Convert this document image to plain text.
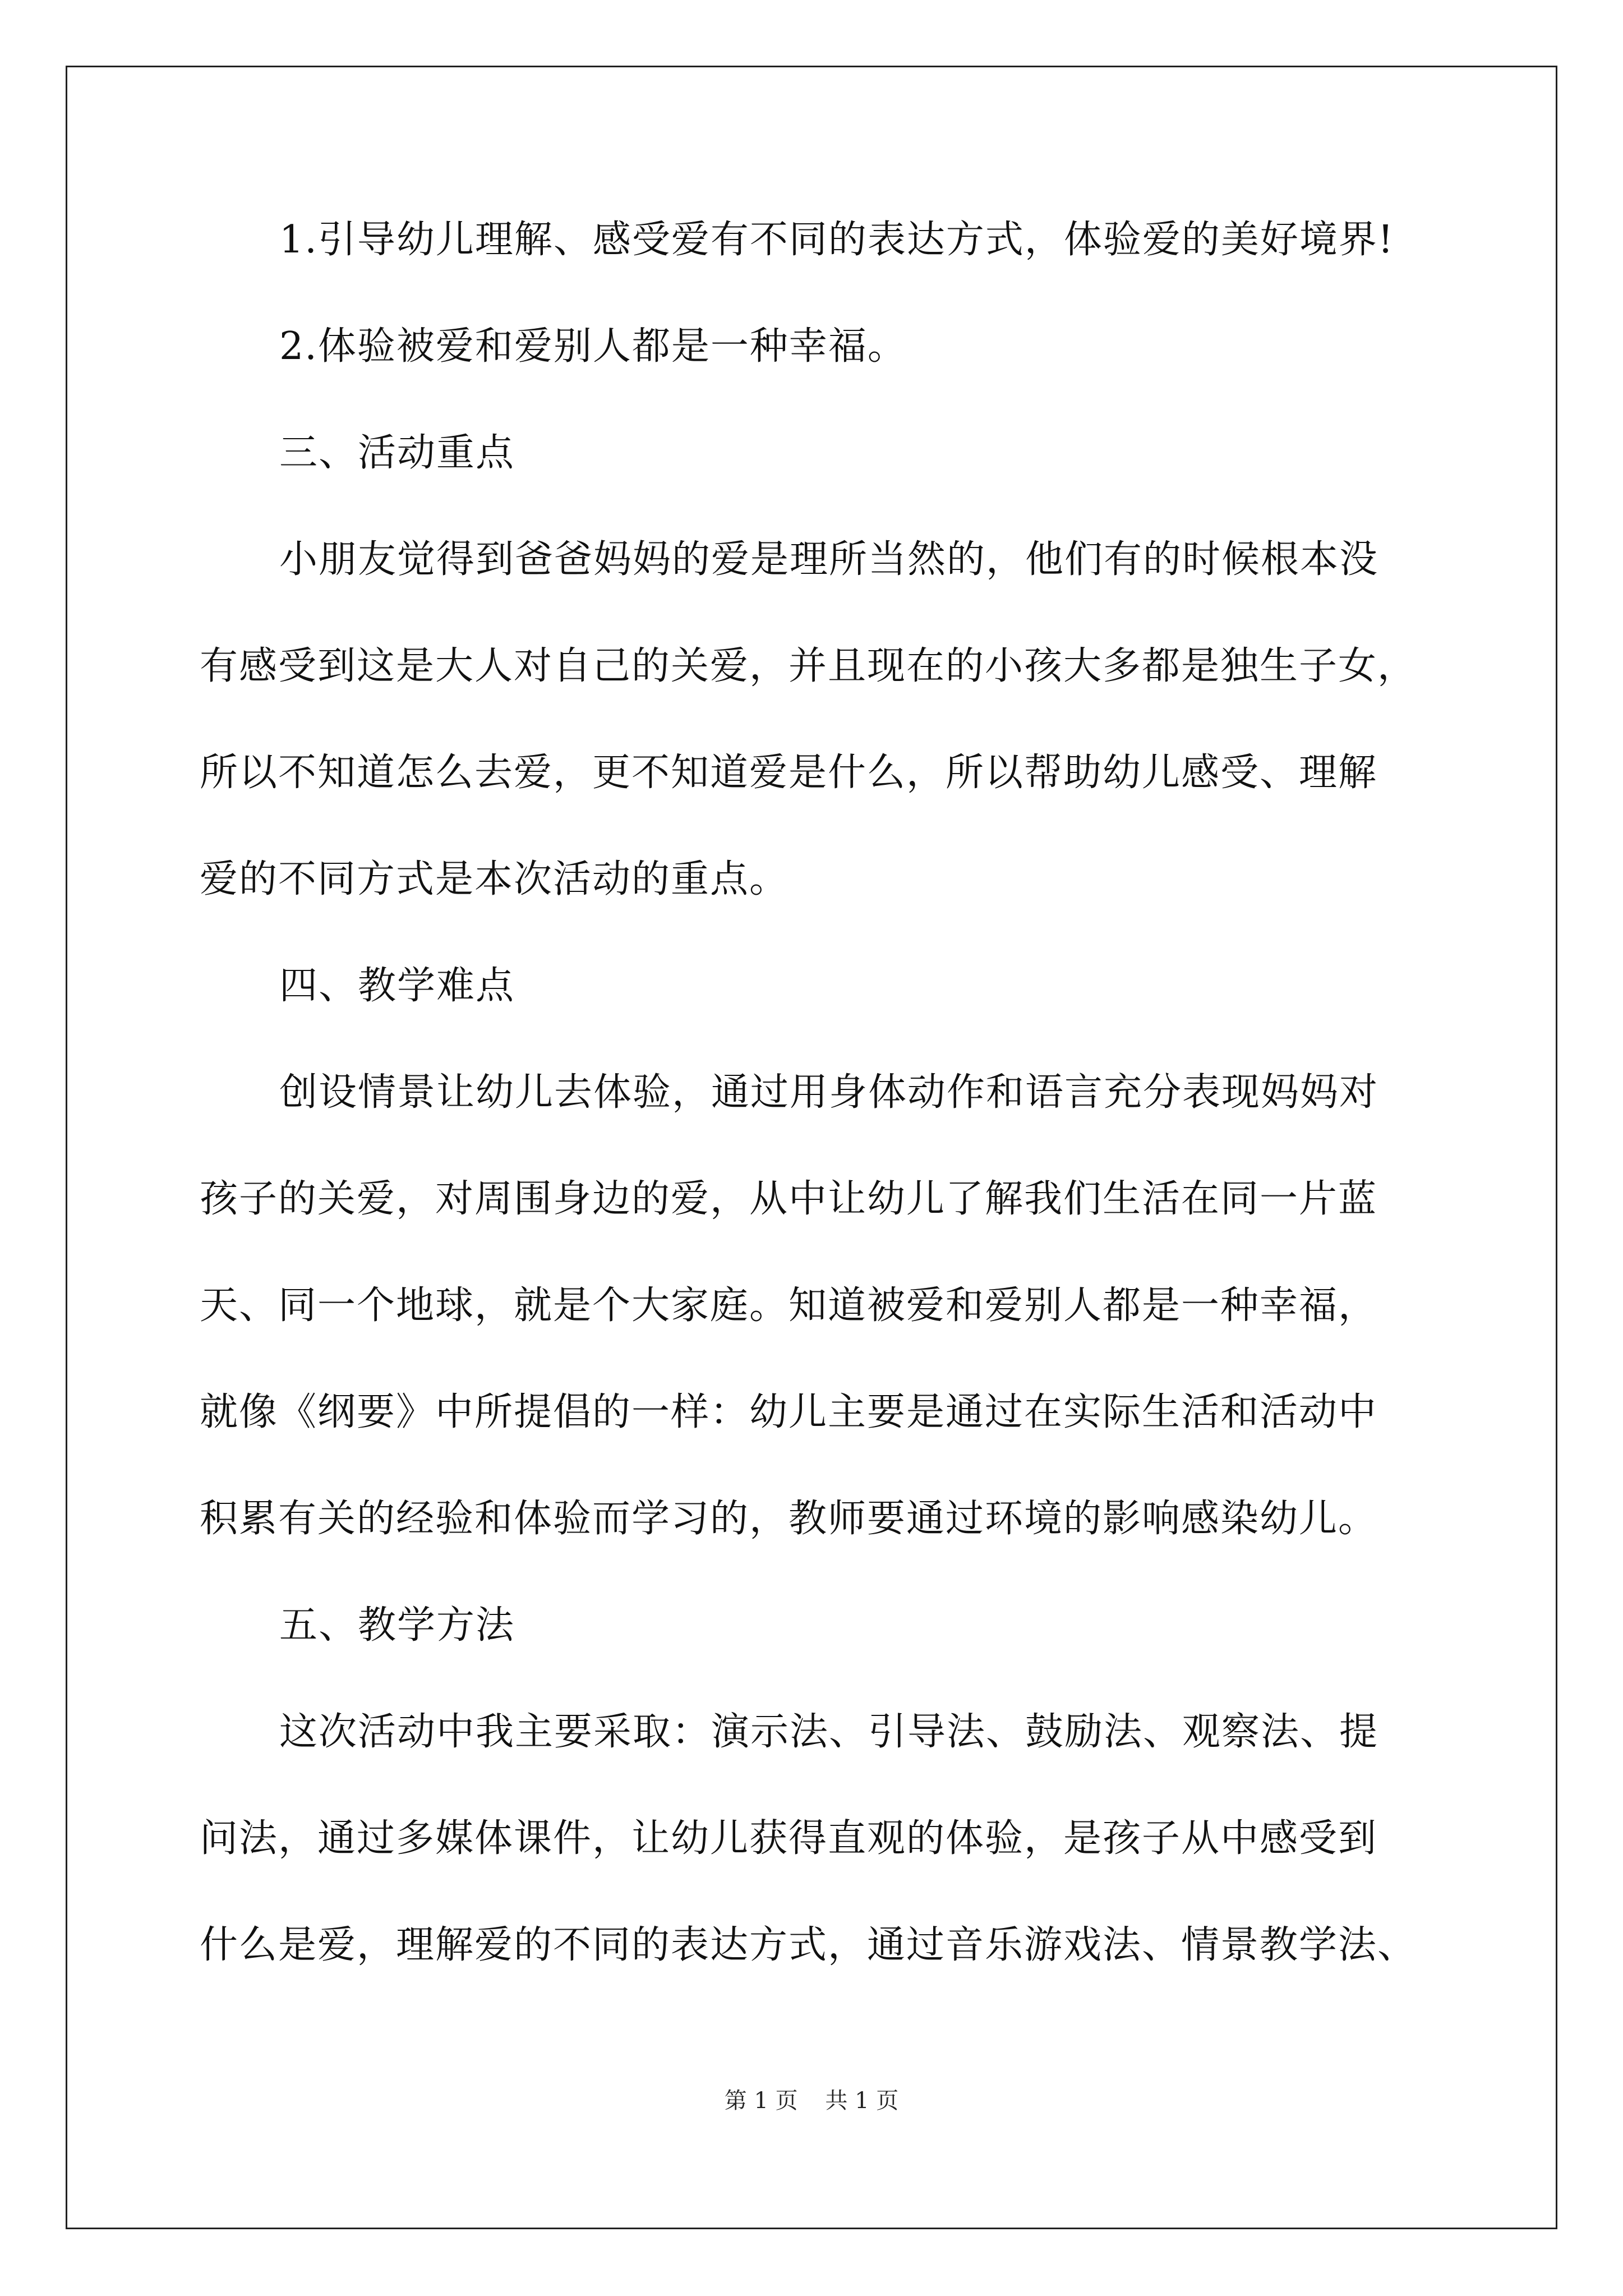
1.引导幼儿理解、感受爱有不同的表达方式，体验爱的美好境界!
2.体验被爱和爱别人都是一种幸福。
三、活动重点
小朋友觉得到爸爸妈妈的爱是理所当然的，他们有的时候根本没
有感受到这是大人对自己的关爱，并且现在的小孩大多都是独生子女，
所以不知道怎么去爱，更不知道爱是什么，所以帮助幼儿感受、理解
爱的不同方式是本次活动的重点。
四、教学难点
创设情景让幼儿去体验，通过用身体动作和语言充分表现妈妈对
孩子的关爱，对周围身边的爱，从中让幼儿了解我们生活在同一片蓝
天、同一个地球，就是个大家庭。知道被爱和爱别人都是一种幸福，
就像《纲要》中所提倡的一样：幼儿主要是通过在实际生活和活动中
积累有关的经验和体验而学习的，教师要通过环境的影响感染幼儿。
五、教学方法
这次活动中我主要采取：演示法、引导法、鼓励法、观察法、提
问法，通过多媒体课件，让幼儿获得直观的体验，是孩子从中感受到
什么是爱，理解爱的不同的表达方式，通过音乐游戏法、情景教学法、
第 1 页 共 1 页
